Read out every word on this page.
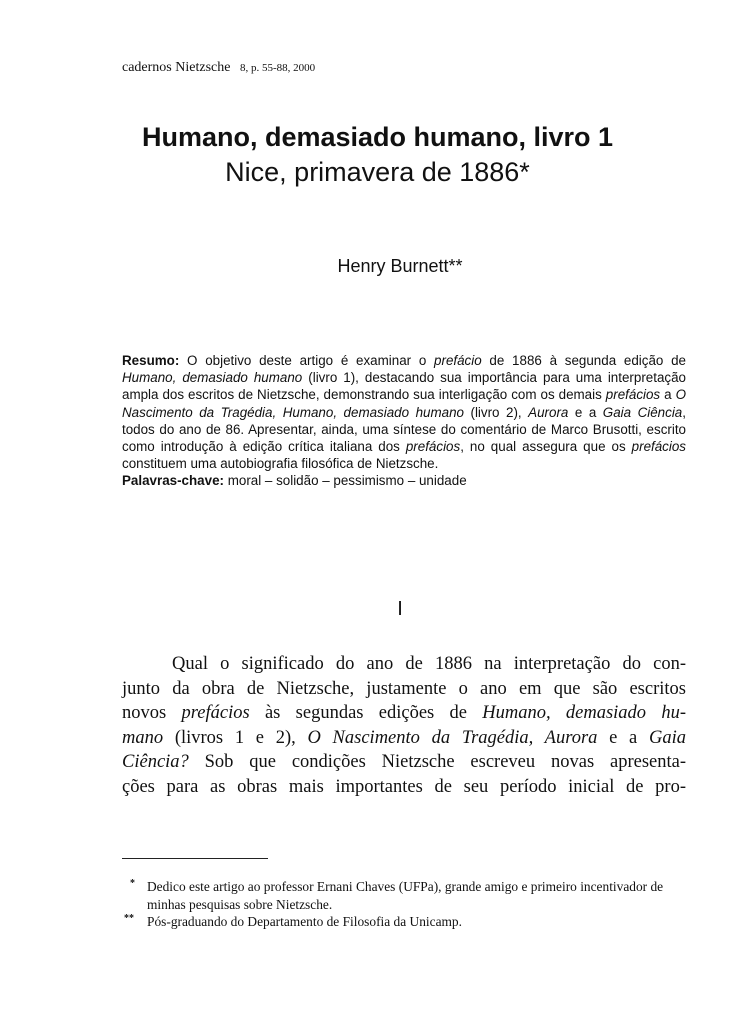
cadernos Nietzsche 8, p. 55-88, 2000
Humano, demasiado humano, livro 1
Nice, primavera de 1886*
Henry Burnett**

Resumo: O objetivo deste artigo é examinar o prefácio de 1886 à segunda edição de Humano, demasiado humano (livro 1), destacando sua importância para uma interpretação ampla dos escritos de Nietzsche, demonstrando sua interligação com os demais prefácios a O Nascimento da Tragédia, Humano, demasiado humano (livro 2), Aurora e a Gaia Ciência, todos do ano de 86. Apresentar, ainda, uma síntese do comentário de Marco Brusotti, escrito como introdução à edição crítica italiana dos prefácios, no qual assegura que os prefácios constituem uma autobiografia filosófica de Nietzsche.

Palavras-chave: moral – solidão – pessimismo – unidade

I
Qual o significado do ano de 1886 na interpretação do con-
junto da obra de Nietzsche, justamente o ano em que são escritos
novos prefácios às segundas edições de Humano, demasiado hu-
mano (livros 1 e 2), O Nascimento da Tragédia, Aurora e a Gaia
Ciência? Sob que condições Nietzsche escreveu novas apresenta-
ções para as obras mais importantes de seu período inicial de pro-
* Dedico este artigo ao professor Ernani Chaves (UFPa), grande amigo e primeiro incentivador de minhas pesquisas sobre Nietzsche.
** Pós-graduando do Departamento de Filosofia da Unicamp.
